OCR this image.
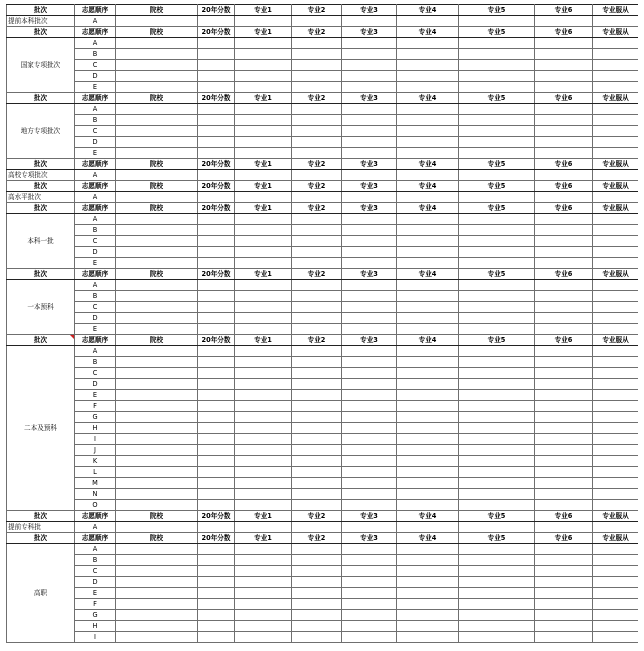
批次	志愿顺序	院校	20年分数	专业1	专业2	专业3	专业4	专业5	专业6	专业服从
提前本科批次	A									
批次	志愿顺序	院校	20年分数	专业1	专业2	专业3	专业4	专业5	专业6	专业服从
国家专项批次	A									
	B									
	C									
	D									
	E									
批次	志愿顺序	院校	20年分数	专业1	专业2	专业3	专业4	专业5	专业6	专业服从
地方专项批次	A									
	B									
	C									
	D									
	E									
批次	志愿顺序	院校	20年分数	专业1	专业2	专业3	专业4	专业5	专业6	专业服从
高校专项批次	A									
批次	志愿顺序	院校	20年分数	专业1	专业2	专业3	专业4	专业5	专业6	专业服从
高水平批次	A									
批次	志愿顺序	院校	20年分数	专业1	专业2	专业3	专业4	专业5	专业6	专业服从
本科一批	A									
	B									
	C									
	D									
	E									
批次	志愿顺序	院校	20年分数	专业1	专业2	专业3	专业4	专业5	专业6	专业服从
一本预科	A									
	B									
	C									
	D									
	E									
批次	志愿顺序	院校	20年分数	专业1	专业2	专业3	专业4	专业5	专业6	专业服从
二本及预科	A									
	B									
	C									
	D									
	E									
	F									
	G									
	H									
	I									
	J									
	K									
	L									
	M									
	N									
	O									
批次	志愿顺序	院校	20年分数	专业1	专业2	专业3	专业4	专业5	专业6	专业服从
提前专科批	A									
批次	志愿顺序	院校	20年分数	专业1	专业2	专业3	专业4	专业5	专业6	专业服从
高职	A									
	B									
	C									
	D									
	E									
	F									
	G									
	H									
	I									
